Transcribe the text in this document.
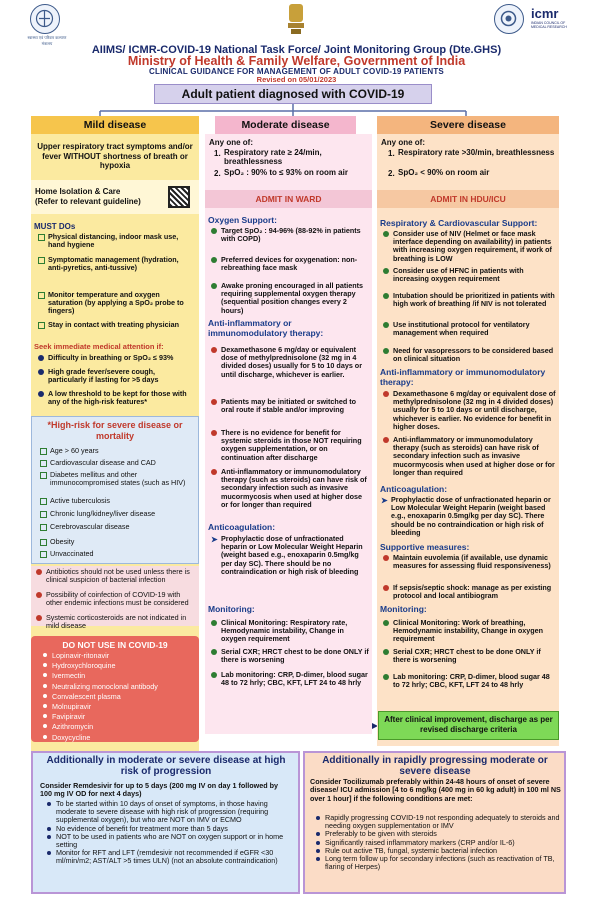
स्वास्थ्य एवं परिवार कल्याण मंत्रालय
icmr
INDIAN COUNCIL OF MEDICAL RESEARCH
AIIMS/ ICMR-COVID-19 National Task Force/ Joint Monitoring Group (Dte.GHS)
Ministry of Health & Family Welfare, Government of India
CLINICAL GUIDANCE FOR MANAGEMENT OF ADULT COVID-19 PATIENTS
Revised on 05/01/2023
Adult patient diagnosed with COVID-19
Mild disease	Moderate disease	Severe disease
Upper respiratory tract symptoms and/or fever WITHOUT shortness of breath or hypoxia
Home Isolation & Care
(Refer to relevant guideline)
MUST DOs
Physical distancing, indoor mask use, hand hygiene
Symptomatic management (hydration, anti-pyretics, anti-tussive)
Monitor temperature and oxygen saturation (by applying a SpO₂ probe to fingers)
Stay in contact with treating physician
Seek immediate medical attention if:
Difficulty in breathing or SpO₂ ≤ 93%
High grade fever/severe cough, particularly if lasting for >5 days
A low threshold to be kept for those with any of the high-risk features*
*High-risk for severe disease or mortality
Age > 60 years
Cardiovascular disease and CAD
Diabetes mellitus and other immunocompromised states (such as HIV)
Active tuberculosis
Chronic lung/kidney/liver disease
Cerebrovascular disease
Obesity
Unvaccinated
Antibiotics should not be used unless there is clinical suspicion of bacterial infection
Possibility of coinfection of COVID-19 with other endemic infections must be considered
Systemic corticosteroids are not indicated in mild disease
DO NOT USE IN COVID-19
Lopinavir-ritonavir
Hydroxychloroquine
Ivermectin
Neutralizing monoclonal antibody
Convalescent plasma
Molnupiravir
Favipiravir
Azithromycin
Doxycycline
Any one of:
1. Respiratory rate ≥ 24/min, breathlessness
2. SpO₂ : 90% to ≤ 93% on room air
ADMIT IN WARD
Oxygen Support:
Target SpO₂ : 94-96% (88-92% in patients with COPD)
Preferred devices for oxygenation: non-rebreathing face mask
Awake proning encouraged in all patients requiring supplemental oxygen therapy (sequential position changes every 2 hours)
Anti-inflammatory or immunomodulatory therapy:
Dexamethasone 6 mg/day or equivalent dose of methylprednisolone (32 mg in 4 divided doses) usually for 5 to 10 days or until discharge, whichever is earlier.
Patients may be initiated or switched to oral route if stable and/or improving
There is no evidence for benefit for systemic steroids in those NOT requiring oxygen supplementation, or on continuation after discharge
Anti-inflammatory or immunomodulatory therapy (such as steroids) can have risk of secondary infection such as invasive mucormycosis when used at higher dose or for longer than required
Anticoagulation:
➤ Prophylactic dose of unfractionated heparin or Low Molecular Weight Heparin (weight based e.g., enoxaparin 0.5mg/kg per day SC). There should be no contraindication or high risk of bleeding
Monitoring:
Clinical Monitoring: Respiratory rate, Hemodynamic instability, Change in oxygen requirement
Serial CXR; HRCT chest to be done ONLY if there is worsening
Lab monitoring: CRP, D-dimer, blood sugar 48 to 72 hrly; CBC, KFT, LFT 24 to 48 hrly
Any one of:
1. Respiratory rate >30/min, breathlessness
2. SpO₂ < 90% on room air
ADMIT IN HDU/ICU
Respiratory & Cardiovascular Support:
Consider use of NIV (Helmet or face mask interface depending on availability) in patients with increasing oxygen requirement, if work of breathing is LOW
Consider use of HFNC in patients with increasing oxygen requirement
Intubation should be prioritized in patients with high work of breathing /if NIV is not tolerated
Use institutional protocol for ventilatory management when required
Need for vasopressors to be considered based on clinical situation
Anti-inflammatory or immunomodulatory therapy:
Dexamethasone 6 mg/day or equivalent dose of methylprednisolone (32 mg in 4 divided doses) usually for 5 to 10 days or until discharge, whichever is earlier. No evidence for benefit in higher doses.
Anti-inflammatory or immunomodulatory therapy (such as steroids) can have risk of secondary infection such as invasive mucormycosis when used at higher dose or for longer than required
Anticoagulation:
➤ Prophylactic dose of unfractionated heparin or Low Molecular Weight Heparin (weight based e.g., enoxaparin 0.5mg/kg per day SC). There should be no contraindication or high risk of bleeding
Supportive measures:
Maintain euvolemia (if available, use dynamic measures for assessing fluid responsiveness)
If sepsis/septic shock: manage as per existing protocol and local antibiogram
Monitoring:
Clinical Monitoring: Work of breathing, Hemodynamic instability, Change in oxygen requirement
Serial CXR; HRCT chest to be done ONLY if there is worsening
Lab monitoring: CRP, D-dimer, blood sugar 48 to 72 hrly; CBC, KFT, LFT 24 to 48 hrly
After clinical improvement, discharge as per revised discharge criteria
Additionally in moderate or severe disease at high risk of progression
Consider Remdesivir for up to 5 days (200 mg IV on day 1 followed by 100 mg IV OD for next 4 days)
To be started within 10 days of onset of symptoms, in those having moderate to severe disease with high risk of progression (requiring supplemental oxygen), but who are NOT on IMV or ECMO
No evidence of benefit for treatment more than 5 days
NOT to be used in patients who are NOT on oxygen support or in home setting
Monitor for RFT and LFT (remdesivir not recommended if eGFR <30 ml/min/m2; AST/ALT >5 times ULN) (not an absolute contraindication)
Additionally in rapidly progressing moderate or severe disease
Consider Tocilizumab preferably within 24-48 hours of onset of severe disease/ ICU admission [4 to 6 mg/kg (400 mg in 60 kg adult) in 100 ml NS over 1 hour] if the following conditions are met:
Rapidly progressing COVID-19 not responding adequately to steroids and needing oxygen supplementation or IMV
Preferably to be given with steroids
Significantly raised inflammatory markers (CRP and/or IL-6)
Rule out active TB, fungal, systemic bacterial infection
Long term follow up for secondary infections (such as reactivation of TB, flaring of Herpes)
